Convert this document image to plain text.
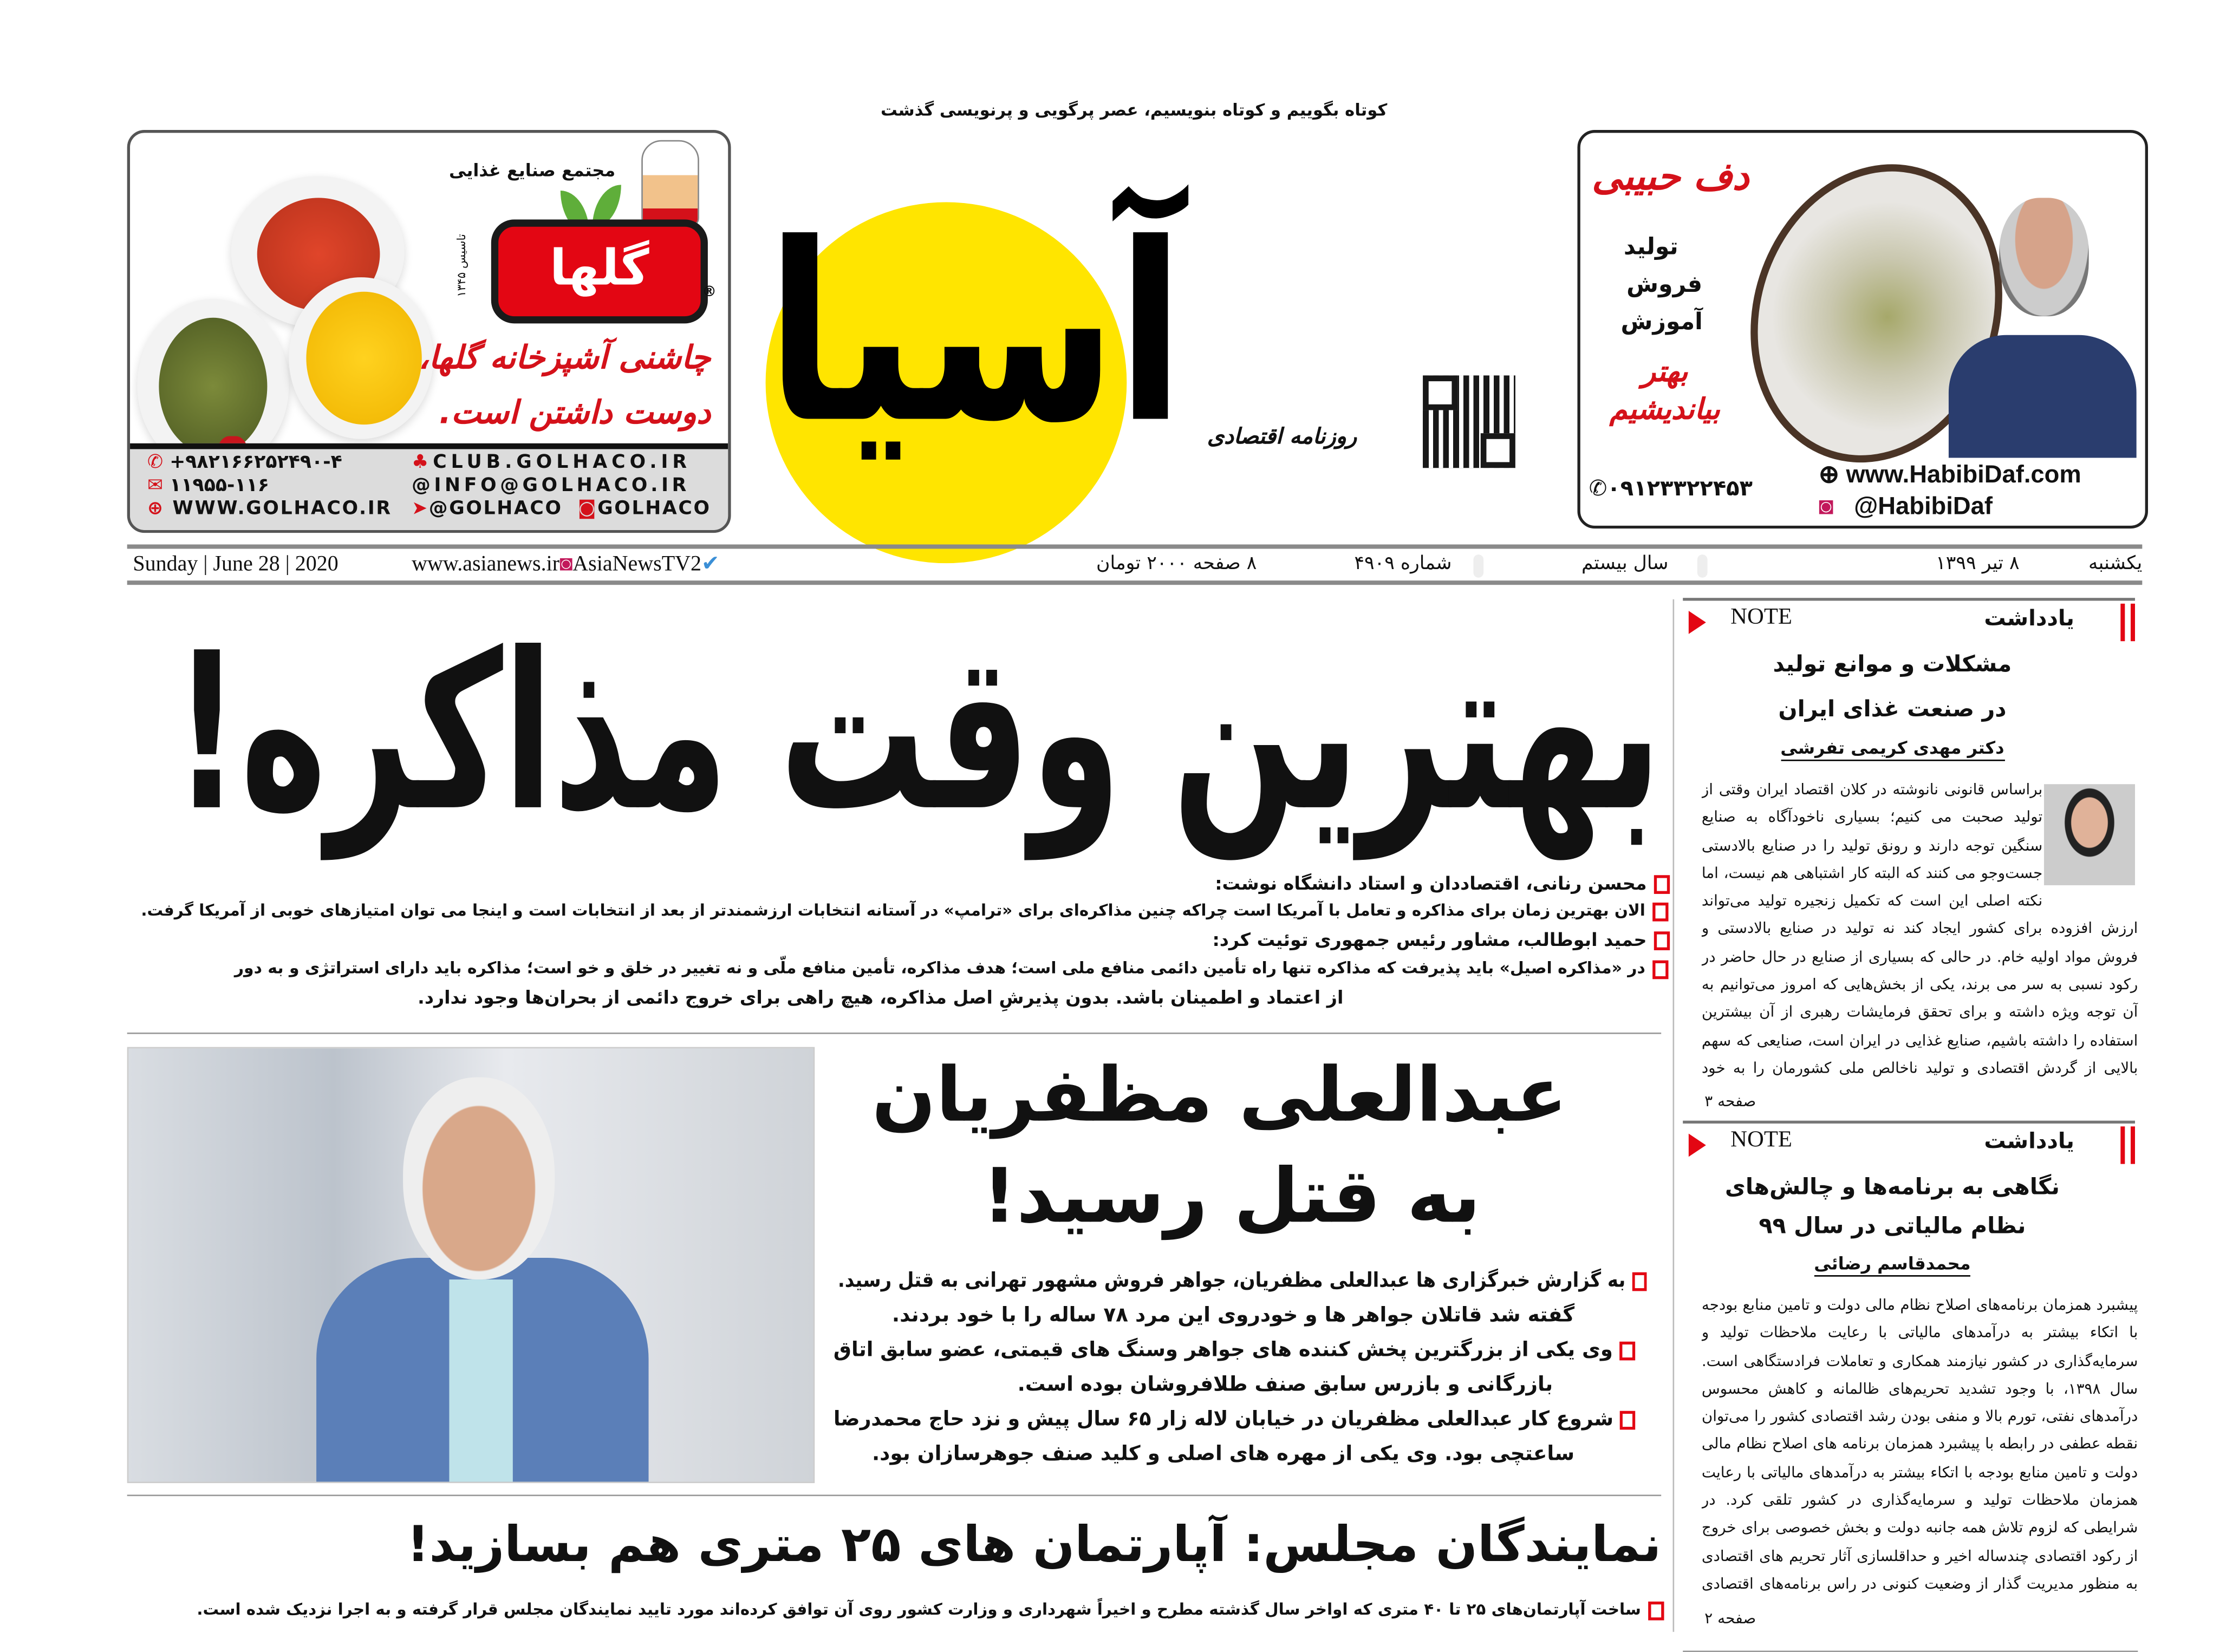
کوتاه بگوییم و کوتاه بنویسیم، عصر پرگویی و پرنویسی گذشت
مجتمع صنایع غذایی
گلها
تاسیس ۱۳۴۵
®
چاشنی آشپزخانه گلها،
دوست داشتن است.
✆ +۹۸۲۱۶۶۲۵۲۴۹۰-۴
✉ ۱۱۹۵۵-۱۱۶
⊕ WWW.GOLHACO.IR
♣CLUB.GOLHACO.IR
@INFO@GOLHACO.IR
➤@GOLHACO ◙GOLHACO
آسیا	روزنامه اقتصادی
دف حبیبی
تولید
فروش
آموزش
بهتر بیاندیشیم
✆۰۹۱۲۳۳۲۲۴۵۳	⊕ www.HabibiDaf.com
◙ @HabibiDaf
یکشنبه
۸ تیر ۱۳۹۹
سال بیستم
شماره ۴۹۰۹
۸ صفحه ۲۰۰۰ تومان
www.asianews.ir◙AsiaNewsTV2✔
Sunday | June 28 | 2020
بهترین وقت مذاکره!
محسن رنانی، اقتصاددان و استاد دانشگاه نوشت:
الان بهترین زمان برای مذاکره و تعامل با آمریکا است چراکه چنین مذاکره‌ای برای «ترامپ» در آستانه انتخابات ارزشمندتر از بعد از انتخابات است و اینجا می توان امتیازهای خوبی از آمریکا گرفت.
حمید ابوطالب، مشاور رئیس جمهوری توئیت کرد:
در «مذاکره اصیل» باید پذیرفت که مذاکره تنها راه تأمین دائمی منافع ملی است؛ هدف مذاکره، تأمین منافع ملّی و نه تغییر در خلق و خو است؛ مذاکره باید دارای استراتژی و به دور
از اعتماد و اطمینان باشد. بدون پذیرشِ اصل مذاکره، هیچ راهی برای خروج دائمی از بحران‌ها وجود ندارد.
عبدالعلی مظفریان
به قتل رسید!
به گزارش خبرگزاری ها عبدالعلی مظفریان، جواهر فروش مشهور تهرانی به قتل رسید.
گفته شد قاتلان جواهر ها و خودروی این مرد ۷۸ ساله را با خود بردند.
وی یکی از بزرگترین پخش کننده های جواهر وسنگ های قیمتی، عضو سابق اتاق
بازرگانی و بازرس سابق صنف طلافروشان بوده است.
شروع کار عبدالعلی مظفریان در خیابان لاله زار ۶۵ سال پیش و نزد حاج محمدرضا
ساعتچی بود. وی یکی از مهره های اصلی و کلید صنف جوهرسازان بود.
نمایندگان مجلس: آپارتمان های ۲۵ متری هم بسازید!
ساخت آپارتمان‌های ۲۵ تا ۴۰ متری که اواخر سال گذشته مطرح و اخیراً شهرداری و وزارت کشور روی آن توافق کرده‌اند مورد تایید نمایندگان مجلس قرار گرفته و به اجرا نزدیک شده است.
یادداشت
NOTE
مشکلات و موانع تولید
در صنعت غذای ایران
دکتر مهدی کریمی تفرشی
براساس قانونی نانوشته در کلان اقتصاد ایران وقتی از تولید صحبت می کنیم؛ بسیاری ناخودآگاه به صنایع سنگین توجه دارند و رونق تولید را در صنایع بالادستی جست‌وجو می کنند که البته کار اشتباهی هم نیست، اما نکته اصلی این است که تکمیل زنجیره تولید می‌تواند ارزش افزوده برای کشور ایجاد کند نه تولید در صنایع بالادستی و فروش مواد اولیه خام. در حالی که بسیاری از صنایع در حال حاضر در رکود نسبی به سر می برند، یکی از بخش‌هایی که امروز می‌توانیم به آن توجه ویژه داشته و برای تحقق فرمایشات رهبری از آن بیشترین استفاده را داشته باشیم، صنایع غذایی در ایران است، صنایعی که سهم بالایی از گردش اقتصادی و تولید ناخالص ملی کشورمان را به خود
صفحه ۳
یادداشت
NOTE
نگاهی به برنامه‌ها و چالش‌های
نظام مالیاتی در سال ۹۹
محمدقاسم رضائی
پیشبرد همزمان برنامه‌های اصلاح نظام مالی دولت و تامین منابع بودجه با اتکاء بیشتر به درآمدهای مالیاتی با رعایت ملاحظات تولید و سرمایه‌گذاری در کشور نیازمند همکاری و تعاملات فرادستگاهی است. سال ۱۳۹۸، با وجود تشدید تحریم‌های ظالمانه و کاهش محسوس درآمدهای نفتی، تورم بالا و منفی بودن رشد اقتصادی کشور را می‌توان نقطه عطفی در رابطه با پیشبرد همزمان برنامه های اصلاح نظام مالی دولت و تامین منابع بودجه با اتکاء بیشتر به درآمدهای مالیاتی با رعایت همزمان ملاحظات تولید و سرمایه‌گذاری در کشور تلقی کرد. در شرایطی که لزوم تلاش همه جانبه دولت و بخش خصوصی برای خروج از رکود اقتصادی چندساله اخیر و حداقلسازی آثار تحریم های اقتصادی به منظور مدیریت گذار از وضعیت کنونی در راس برنامه‌های اقتصادی
صفحه ۲
